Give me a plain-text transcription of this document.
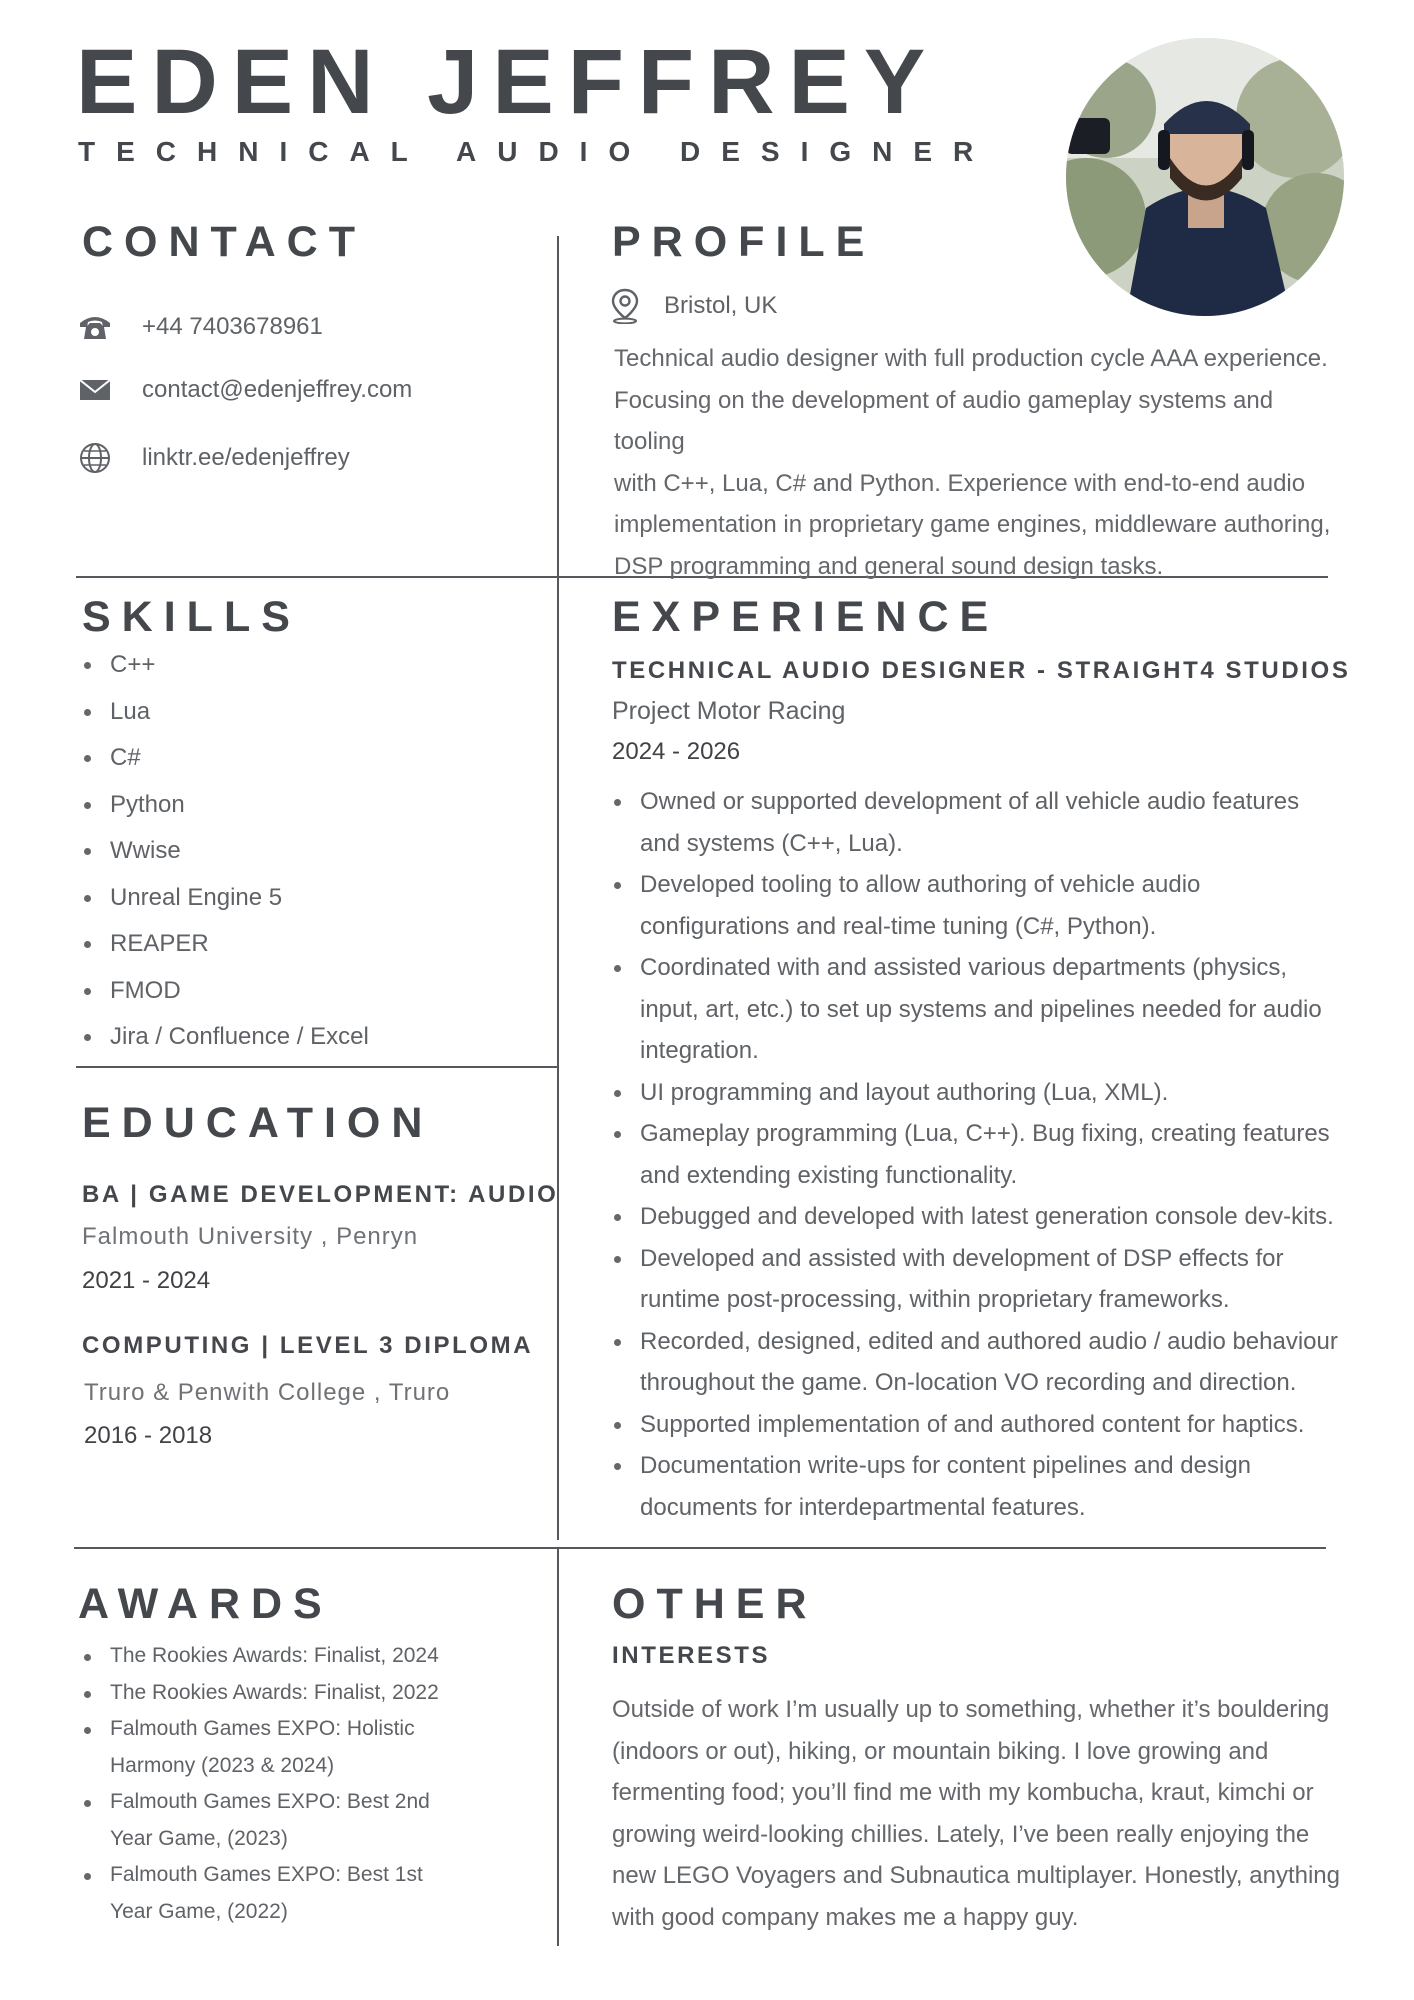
EDEN JEFFREY
TECHNICAL AUDIO DESIGNER
CONTACT
+44 7403678961
contact@edenjeffrey.com
linktr.ee/edenjeffrey
PROFILE
Bristol, UK
Technical audio designer with full production cycle AAA experience.
Focusing on the development of audio gameplay systems and tooling
with C++, Lua, C# and Python. Experience with end-to-end audio
implementation in proprietary game engines, middleware authoring,
DSP programming and general sound design tasks.
SKILLS
C++
Lua
C#
Python
Wwise
Unreal Engine 5
REAPER
FMOD
Jira / Confluence / Excel
EDUCATION
BA | GAME DEVELOPMENT: AUDIO
Falmouth University , Penryn
2021 - 2024
COMPUTING | LEVEL 3 DIPLOMA
Truro & Penwith College , Truro
2016 - 2018
EXPERIENCE
TECHNICAL AUDIO DESIGNER - STRAIGHT4 STUDIOS
Project Motor Racing
2024 - 2026
Owned or supported development of all vehicle audio features
and systems (C++, Lua).
Developed tooling to allow authoring of vehicle audio
configurations and real-time tuning (C#, Python).
Coordinated with and assisted various departments (physics,
input, art, etc.) to set up systems and pipelines needed for audio
integration.
UI programming and layout authoring (Lua, XML).
Gameplay programming (Lua, C++). Bug fixing, creating features
and extending existing functionality.
Debugged and developed with latest generation console dev-kits.
Developed and assisted with development of DSP effects for
runtime post-processing, within proprietary frameworks.
Recorded, designed, edited and authored audio / audio behaviour
throughout the game. On-location VO recording and direction.
Supported implementation of and authored content for haptics.
Documentation write-ups for content pipelines and design
documents for interdepartmental features.
AWARDS
The Rookies Awards: Finalist, 2024
The Rookies Awards: Finalist, 2022
Falmouth Games EXPO: Holistic
Harmony (2023 & 2024)
Falmouth Games EXPO: Best 2nd
Year Game, (2023)
Falmouth Games EXPO: Best 1st
Year Game, (2022)
OTHER
INTERESTS
Outside of work I’m usually up to something, whether it’s bouldering
(indoors or out), hiking, or mountain biking. I love growing and
fermenting food; you’ll find me with my kombucha, kraut, kimchi or
growing weird-looking chillies. Lately, I’ve been really enjoying the
new LEGO Voyagers and Subnautica multiplayer. Honestly, anything
with good company makes me a happy guy.
